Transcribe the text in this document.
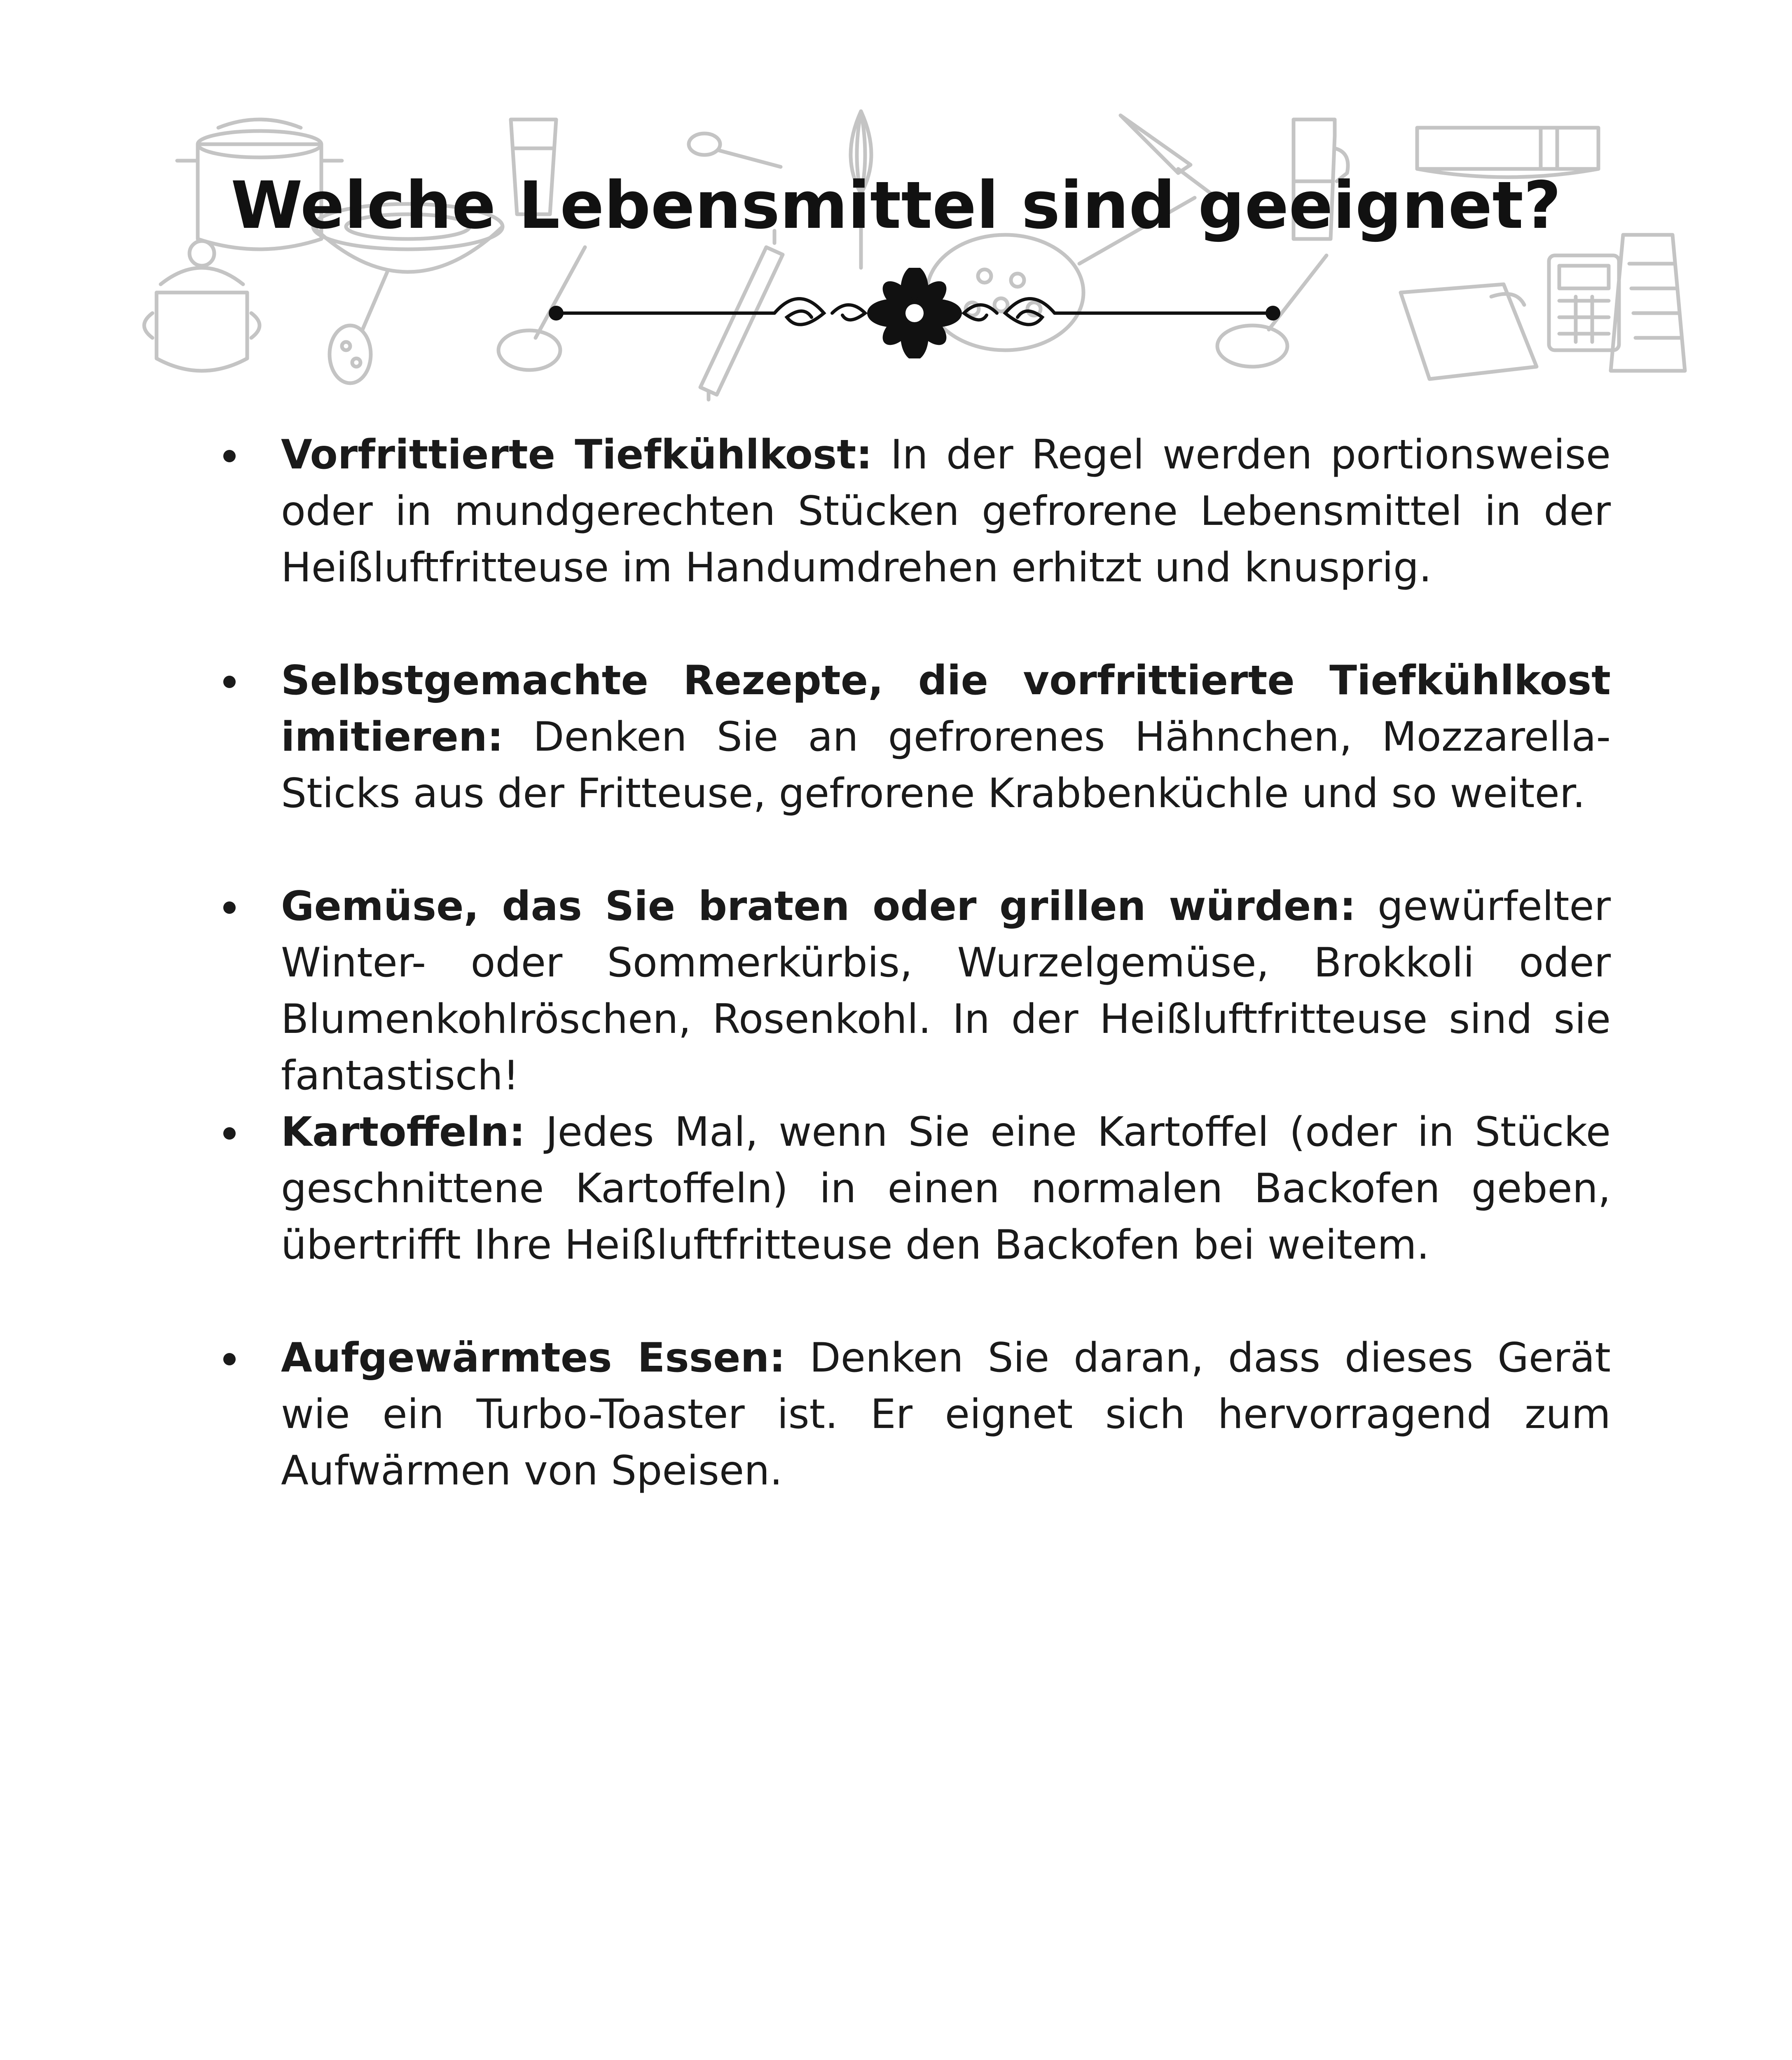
Welche Lebensmittel sind geeignet?
Vorfrittierte Tiefkühlkost: In der Regel werden portionsweise oder in mundgerechten Stücken gefrorene Lebensmittel in der Heißluftfritteuse im Handumdrehen erhitzt und knusprig.
Selbstgemachte Rezepte, die vorfrittierte Tiefkühlkost imitieren: Denken Sie an gefrorenes Hähnchen, Mozzarella-Sticks aus der Fritteuse, gefrorene Krabbenküchle und so weiter.
Gemüse, das Sie braten oder grillen würden: gewürfelter Winter- oder Sommerkürbis, Wurzelgemüse, Brokkoli oder Blumenkohlröschen, Rosenkohl. In der Heißluftfritteuse sind sie fantastisch!
Kartoffeln: Jedes Mal, wenn Sie eine Kartoffel (oder in Stücke geschnittene Kartoffeln) in einen normalen Backofen geben, übertrifft Ihre Heißluftfritteuse den Backofen bei weitem.
Aufgewärmtes Essen: Denken Sie daran, dass dieses Gerät wie ein Turbo-Toaster ist. Er eignet sich hervorragend zum Aufwärmen von Speisen.
